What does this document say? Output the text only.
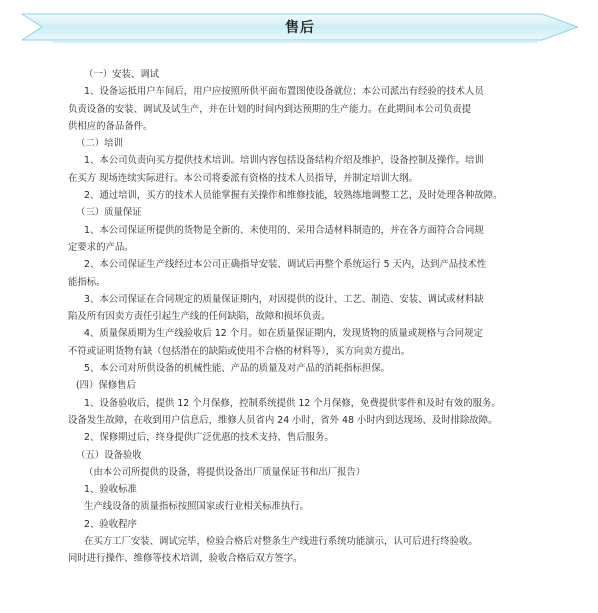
售后
（一）安装、调试
1、设备运抵用户车间后，用户应按照所供平面布置图使设备就位；本公司派出有经验的技术人员
负责设备的安装、调试及试生产，并在计划的时间内到达预期的生产能力。在此期间本公司负责提
供相应的备品备件。
（二）培训
1、本公司负责向买方提供技术培训。培训内容包括设备结构介绍及维护，设备控制及操作。培训
在买方 现场连续实际进行。本公司将委派有资格的技术人员指导，并制定培训大纲。
2、通过培训，买方的技术人员能掌握有关操作和维修技能，较熟练地调整工艺，及时处理各种故障。
（三）质量保证
1、本公司保证所提供的货物是全新的、未使用的、采用合适材料制造的，并在各方面符合合同规
定要求的产品。
2、本公司保证生产线经过本公司正确指导安装、调试后再整个系统运行 5 天内，达到产品技术性
能指标。
3、本公司保证在合同规定的质量保证期内，对因提供的设计、工艺、制造、安装、调试或材料缺
陷及所有因卖方责任引起生产线的任何缺陷，故障和损坏负责。
4、质量保质期为生产线验收后 12 个月。如在质量保证期内，发现货物的质量或规格与合同规定
不符或证明货物有缺（包括潜在的缺陷或使用不合格的材料等），买方向卖方提出。
5、本公司对所供设备的机械性能、产品的质量及对产品的消耗指标担保。
(四）保修售后
1、设备验收后，提供 12 个月保修，控制系统提供 12 个月保修，免费提供零件和及时有效的服务。
设备发生故障，在收到用户信息后，维修人员省内 24 小时，省外 48 小时内到达现场、及时排除故障。
2、保修期过后，终身提供广泛优惠的技术支持、售后服务。
（五）设备验收
（由本公司所提供的设备，将提供设备出厂质量保证书和出厂报告）
1、验收标准
生产线设备的质量指标按照国家或行业相关标准执行。
2、验收程序
在买方工厂安装、调试完毕，检验合格后对整条生产线进行系统功能演示，认可后进行终验收。
同时进行操作、维修等技术培训，验收合格后双方签字。
